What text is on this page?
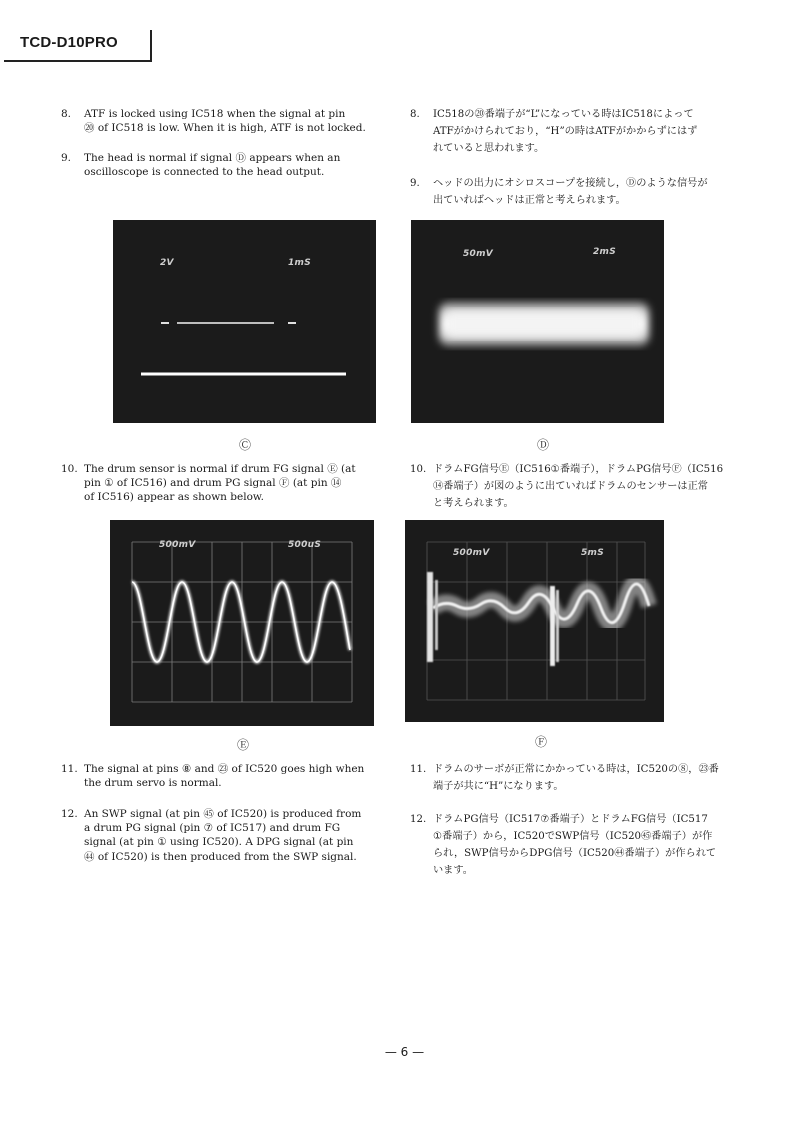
TCD-D10PRO
8. ATF is locked using IC518 when the signal at pin
⑳ of IC518 is low. When it is high, ATF is not locked.
9. The head is normal if signal Ⓓ appears when an
oscilloscope is connected to the head output.
8. IC518の⑳番端子が“L”になっている時はIC518によって
ATFがかけられており，“H”の時はATFがかからずにはず
れていると思われます。
9. ヘッドの出力にオシロスコープを接続し，Ⓓのような信号が
出ていればヘッドは正常と考えられます。
2V	1mS
Ⓒ
50mV	2mS
Ⓓ
10. The drum sensor is normal if drum FG signal Ⓔ (at
pin ① of IC516) and drum PG signal Ⓕ (at pin ⑭
of IC516) appear as shown below.
10. ドラムFG信号Ⓔ（IC516①番端子），ドラムPG信号Ⓕ（IC516
⑭番端子）が図のように出ていればドラムのセンサーは正常
と考えられます。
500mV	500uS
Ⓔ
500mV	5mS
Ⓕ
11. The signal at pins ⑧ and ㉓ of IC520 goes high when
the drum servo is normal.
12. An SWP signal (at pin ㊺ of IC520) is produced from
a drum PG signal (pin ⑦ of IC517) and drum FG
signal (at pin ① using IC520). A DPG signal (at pin
㊹ of IC520) is then produced from the SWP signal.
11. ドラムのサーボが正常にかかっている時は，IC520の⑧，㉓番
端子が共に“H”になります。
12. ドラムPG信号（IC517⑦番端子）とドラムFG信号（IC517
①番端子）から，IC520でSWP信号（IC520㊺番端子）が作
られ，SWP信号からDPG信号（IC520㊹番端子）が作られて
います。
— 6 —
